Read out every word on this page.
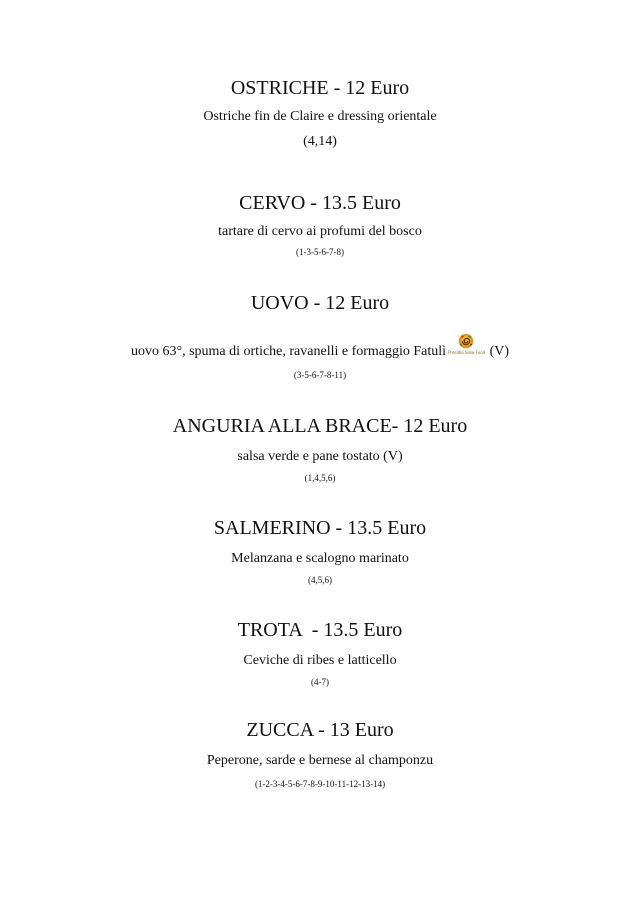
OSTRICHE - 12 Euro
Ostriche fin de Claire e dressing orientale
(4,14)
CERVO - 13.5 Euro
tartare di cervo ai profumi del bosco
(1-3-5-6-7-8)
UOVO - 12 Euro
uovo 63°, spuma di ortiche, ravanelli e formaggio Fatulì Presidio Slow Food (V)
(3-5-6-7-8-11)
ANGURIA ALLA BRACE- 12 Euro
salsa verde e pane tostato (V)
(1,4,5,6)
SALMERINO - 13.5 Euro
Melanzana e scalogno marinato
(4,5,6)
TROTA  - 13.5 Euro
Ceviche di ribes e latticello
(4-7)
ZUCCA - 13 Euro
Peperone, sarde e bernese al champonzu
(1-2-3-4-5-6-7-8-9-10-11-12-13-14)
